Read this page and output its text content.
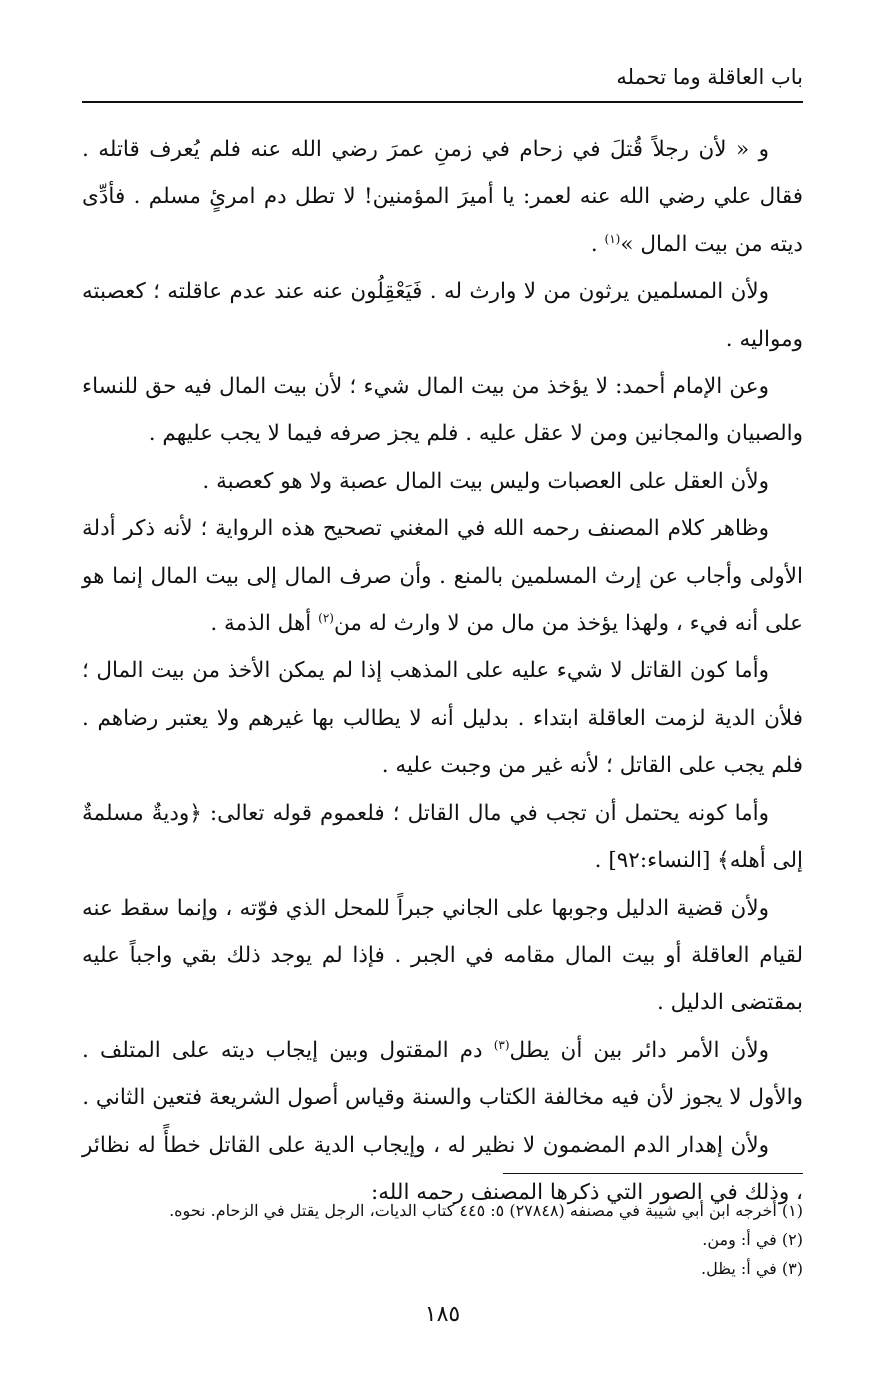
باب العاقلة وما تحمله

و « لأن رجلاً قُتلَ في زحام في زمنِ عمرَ رضي الله عنه فلم يُعرف قاتله . فقال علي رضي الله عنه لعمر: يا أميرَ المؤمنين! لا تطل دم امرئٍ مسلم . فأدِّى ديته من بيت المال »$^{(١)}$ .

ولأن المسلمين يرثون من لا وارث له . فَيَعْقِلُون عنه عند عدم عاقلته ؛ كعصبته ومواليه .

وعن الإمام أحمد: لا يؤخذ من بيت المال شيء ؛ لأن بيت المال فيه حق للنساء والصبيان والمجانين ومن لا عقل عليه . فلم يجز صرفه فيما لا يجب عليهم .

ولأن العقل على العصبات وليس بيت المال عصبة ولا هو كعصبة .

وظاهر كلام المصنف رحمه الله في المغني تصحيح هذه الرواية ؛ لأنه ذكر أدلة الأولى وأجاب عن إرث المسلمين بالمنع . وأن صرف المال إلى بيت المال إنما هو على أنه فيء ، ولهذا يؤخذ من مال من لا وارث له من$^{(٢)}$ أهل الذمة .

وأما كون القاتل لا شيء عليه على المذهب إذا لم يمكن الأخذ من بيت المال ؛ فلأن الدية لزمت العاقلة ابتداء . بدليل أنه لا يطالب بها غيرهم ولا يعتبر رضاهم . فلم يجب على القاتل ؛ لأنه غير من وجبت عليه .

وأما كونه يحتمل أن تجب في مال القاتل ؛ فلعموم قوله تعالى: ﴿وديةٌ مسلمةٌ إلى أهله﴾ [النساء:٩٢] .

ولأن قضية الدليل وجوبها على الجاني جبراً للمحل الذي فوّته ، وإنما سقط عنه لقيام العاقلة أو بيت المال مقامه في الجبر . فإذا لم يوجد ذلك بقي واجباً عليه بمقتضى الدليل .

ولأن الأمر دائر بين أن يطل$^{(٣)}$ دم المقتول وبين إيجاب ديته على المتلف . والأول لا يجوز لأن فيه مخالفة الكتاب والسنة وقياس أصول الشريعة فتعين الثاني .

ولأن إهدار الدم المضمون لا نظير له ، وإيجاب الدية على القاتل خطأً له نظائر ، وذلك في الصور التي ذكرها المصنف رحمه الله:

(١) أخرجه ابن أبي شيبة في مصنفه (٢٧٨٤٨) ٥: ٤٤٥ كتاب الديات، الرجل يقتل في الزحام. نحوه.

(٢) في أ: ومن.

(٣) في أ: يظل.

١٨٥
